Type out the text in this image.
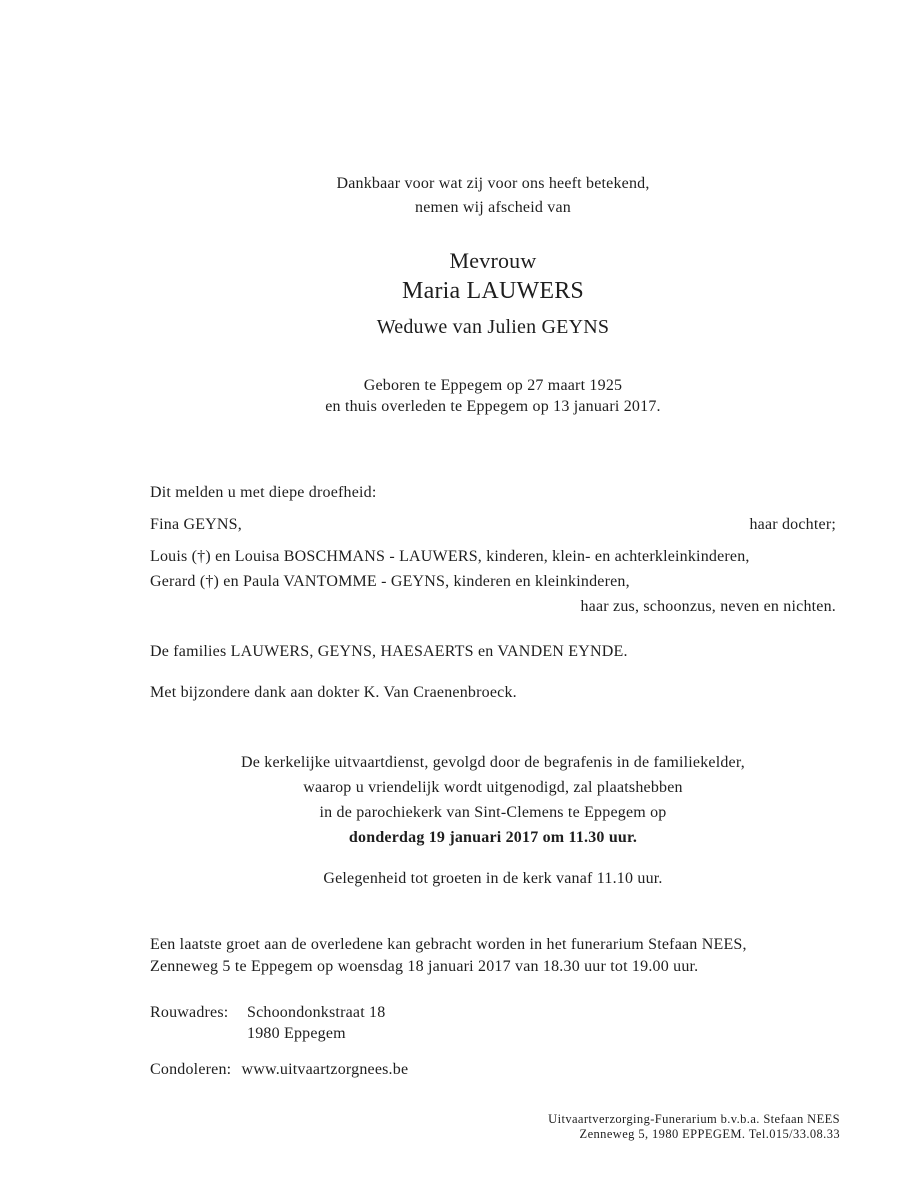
Dankbaar voor wat zij voor ons heeft betekend,
nemen wij afscheid van
Mevrouw
Maria LAUWERS
Weduwe van Julien GEYNS
Geboren te Eppegem op 27 maart 1925
en thuis overleden te Eppegem op 13 januari 2017.
Dit melden u met diepe droefheid:
Fina GEYNS,	haar dochter;
Louis (†) en Louisa BOSCHMANS - LAUWERS, kinderen, klein- en achterkleinkinderen,
Gerard (†) en Paula VANTOMME - GEYNS, kinderen en kleinkinderen,
haar zus, schoonzus, neven en nichten.
De families LAUWERS, GEYNS, HAESAERTS en VANDEN EYNDE.
Met bijzondere dank aan dokter K. Van Craenenbroeck.
De kerkelijke uitvaartdienst, gevolgd door de begrafenis in de familiekelder,
waarop u vriendelijk wordt uitgenodigd, zal plaatshebben
in de parochiekerk van Sint-Clemens te Eppegem op
donderdag 19 januari 2017 om 11.30 uur.
Gelegenheid tot groeten in de kerk vanaf 11.10 uur.
Een laatste groet aan de overledene kan gebracht worden in het funerarium Stefaan NEES,
Zenneweg 5 te Eppegem op woensdag 18 januari 2017 van 18.30 uur tot 19.00 uur.
Rouwadres:	Schoondonkstraat 18
1980 Eppegem
Condoleren: www.uitvaartzorgnees.be
Uitvaartverzorging-Funerarium b.v.b.a. Stefaan NEES
Zenneweg 5, 1980 EPPEGEM. Tel.015/33.08.33
